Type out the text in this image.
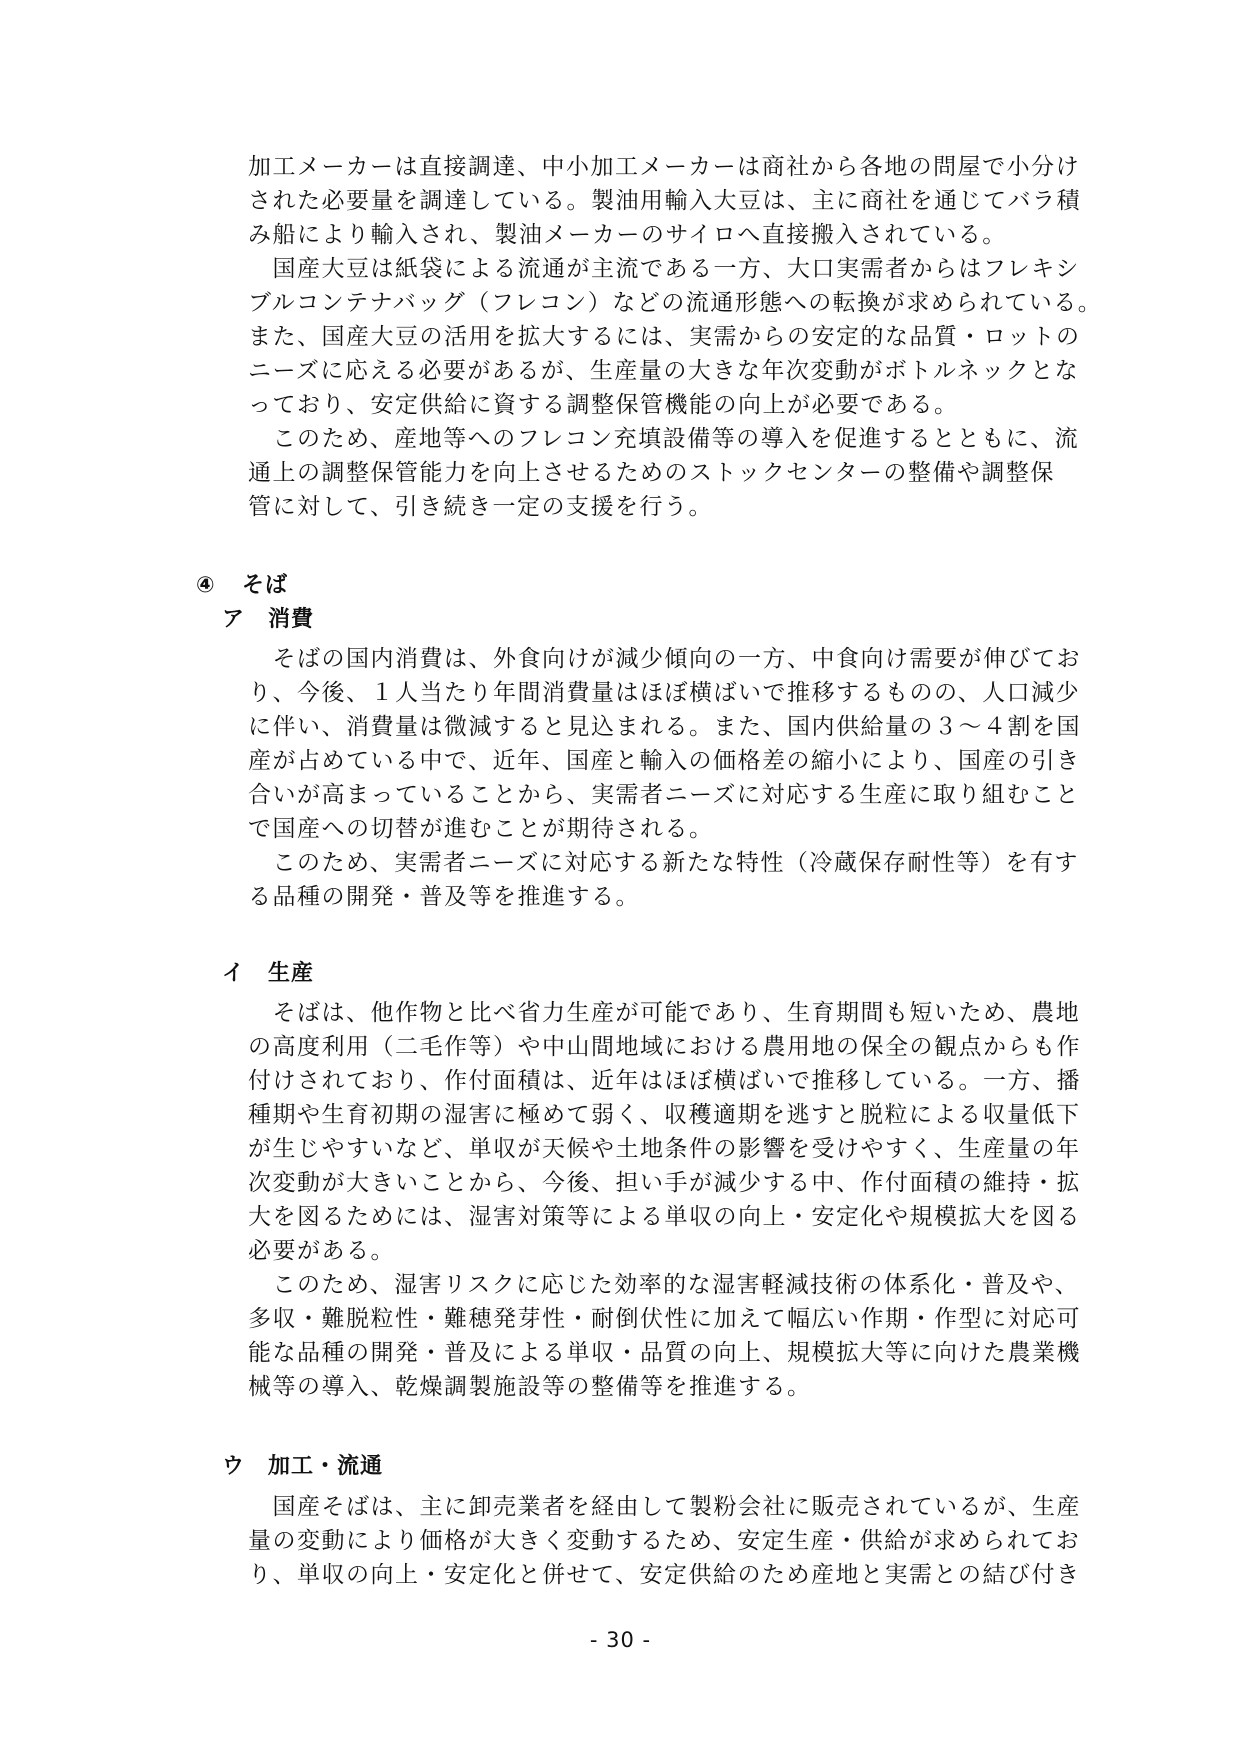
加工メーカーは直接調達、中小加工メーカーは商社から各地の問屋で小分け
された必要量を調達している。製油用輸入大豆は、主に商社を通じてバラ積
み船により輸入され、製油メーカーのサイロへ直接搬入されている。
　国産大豆は紙袋による流通が主流である一方、大口実需者からはフレキシ
ブルコンテナバッグ（フレコン）などの流通形態への転換が求められている。
また、国産大豆の活用を拡大するには、実需からの安定的な品質・ロットの
ニーズに応える必要があるが、生産量の大きな年次変動がボトルネックとな
っており、安定供給に資する調整保管機能の向上が必要である。
　このため、産地等へのフレコン充填設備等の導入を促進するとともに、流
通上の調整保管能力を向上させるためのストックセンターの整備や調整保
管に対して、引き続き一定の支援を行う。
④ そば
ア 消費
　そばの国内消費は、外食向けが減少傾向の一方、中食向け需要が伸びてお
り、今後、１人当たり年間消費量はほぼ横ばいで推移するものの、人口減少
に伴い、消費量は微減すると見込まれる。また、国内供給量の３～４割を国
産が占めている中で、近年、国産と輸入の価格差の縮小により、国産の引き
合いが高まっていることから、実需者ニーズに対応する生産に取り組むこと
で国産への切替が進むことが期待される。
　このため、実需者ニーズに対応する新たな特性（冷蔵保存耐性等）を有す
る品種の開発・普及等を推進する。
イ 生産
　そばは、他作物と比べ省力生産が可能であり、生育期間も短いため、農地
の高度利用（二毛作等）や中山間地域における農用地の保全の観点からも作
付けされており、作付面積は、近年はほぼ横ばいで推移している。一方、播
種期や生育初期の湿害に極めて弱く、収穫適期を逃すと脱粒による収量低下
が生じやすいなど、単収が天候や土地条件の影響を受けやすく、生産量の年
次変動が大きいことから、今後、担い手が減少する中、作付面積の維持・拡
大を図るためには、湿害対策等による単収の向上・安定化や規模拡大を図る
必要がある。
　このため、湿害リスクに応じた効率的な湿害軽減技術の体系化・普及や、
多収・難脱粒性・難穂発芽性・耐倒伏性に加えて幅広い作期・作型に対応可
能な品種の開発・普及による単収・品質の向上、規模拡大等に向けた農業機
械等の導入、乾燥調製施設等の整備等を推進する。
ウ 加工・流通
　国産そばは、主に卸売業者を経由して製粉会社に販売されているが、生産
量の変動により価格が大きく変動するため、安定生産・供給が求められてお
り、単収の向上・安定化と併せて、安定供給のため産地と実需との結び付き
- 30 -
